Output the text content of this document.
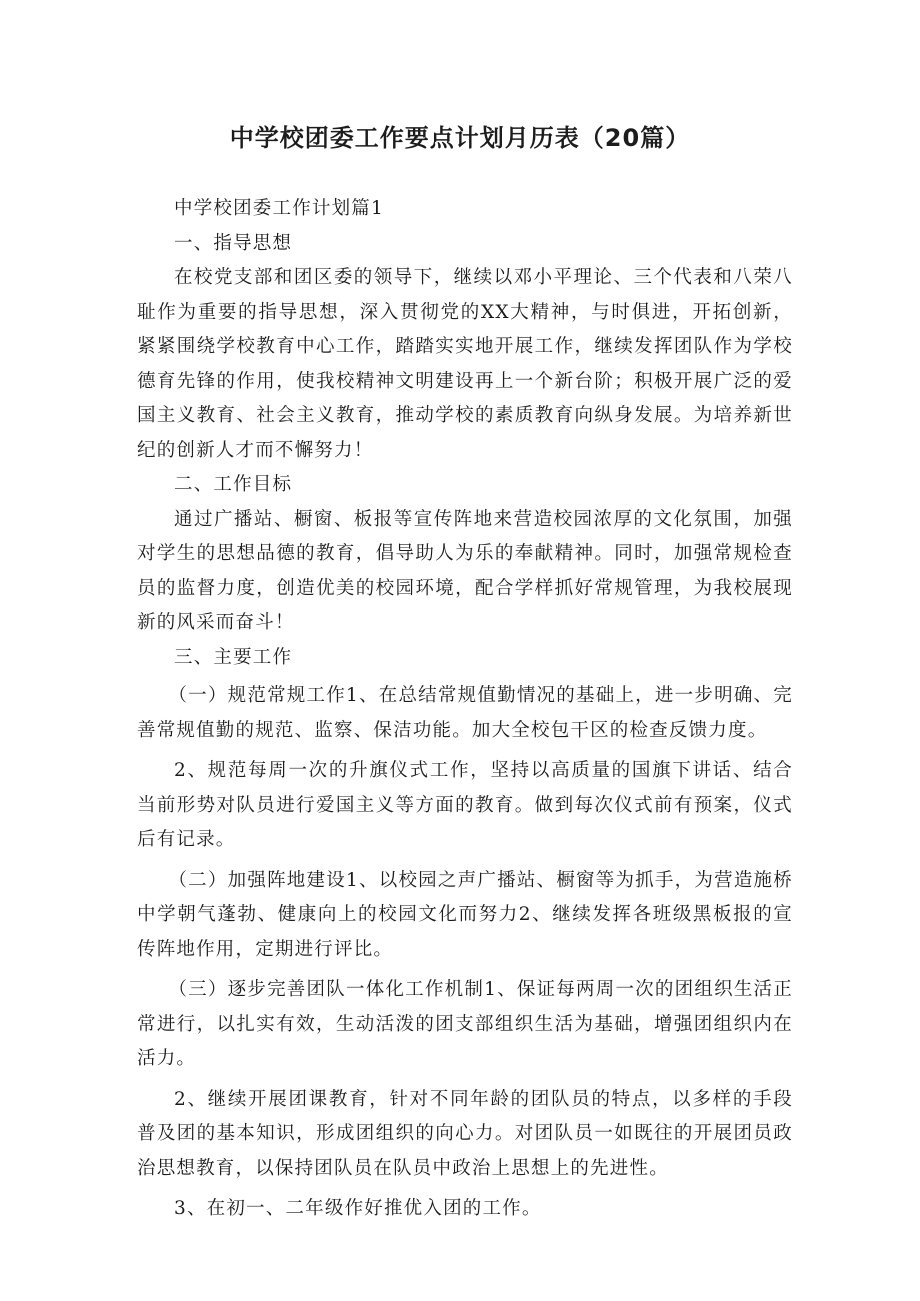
中学校团委工作要点计划月历表（20篇）

中学校团委工作计划篇1

一、指导思想

在校党支部和团区委的领导下，继续以邓小平理论、三个代表和八荣八耻作为重要的指导思想，深入贯彻党的XX大精神，与时俱进，开拓创新，紧紧围绕学校教育中心工作，踏踏实实地开展工作，继续发挥团队作为学校德育先锋的作用，使我校精神文明建设再上一个新台阶；积极开展广泛的爱国主义教育、社会主义教育，推动学校的素质教育向纵身发展。为培养新世纪的创新人才而不懈努力！

二、工作目标

通过广播站、橱窗、板报等宣传阵地来营造校园浓厚的文化氛围，加强对学生的思想品德的教育，倡导助人为乐的奉献精神。同时，加强常规检查员的监督力度，创造优美的校园环境，配合学样抓好常规管理，为我校展现新的风采而奋斗！

三、主要工作

（一）规范常规工作1、在总结常规值勤情况的基础上，进一步明确、完善常规值勤的规范、监察、保洁功能。加大全校包干区的检查反馈力度。

2、规范每周一次的升旗仪式工作，坚持以高质量的国旗下讲话、结合当前形势对队员进行爱国主义等方面的教育。做到每次仪式前有预案，仪式后有记录。

（二）加强阵地建设1、以校园之声广播站、橱窗等为抓手，为营造施桥中学朝气蓬勃、健康向上的校园文化而努力2、继续发挥各班级黑板报的宣传阵地作用，定期进行评比。

（三）逐步完善团队一体化工作机制1、保证每两周一次的团组织生活正常进行，以扎实有效，生动活泼的团支部组织生活为基础，增强团组织内在活力。

2、继续开展团课教育，针对不同年龄的团队员的特点，以多样的手段普及团的基本知识，形成团组织的向心力。对团队员一如既往的开展团员政治思想教育，以保持团队员在队员中政治上思想上的先进性。

3、在初一、二年级作好推优入团的工作。
